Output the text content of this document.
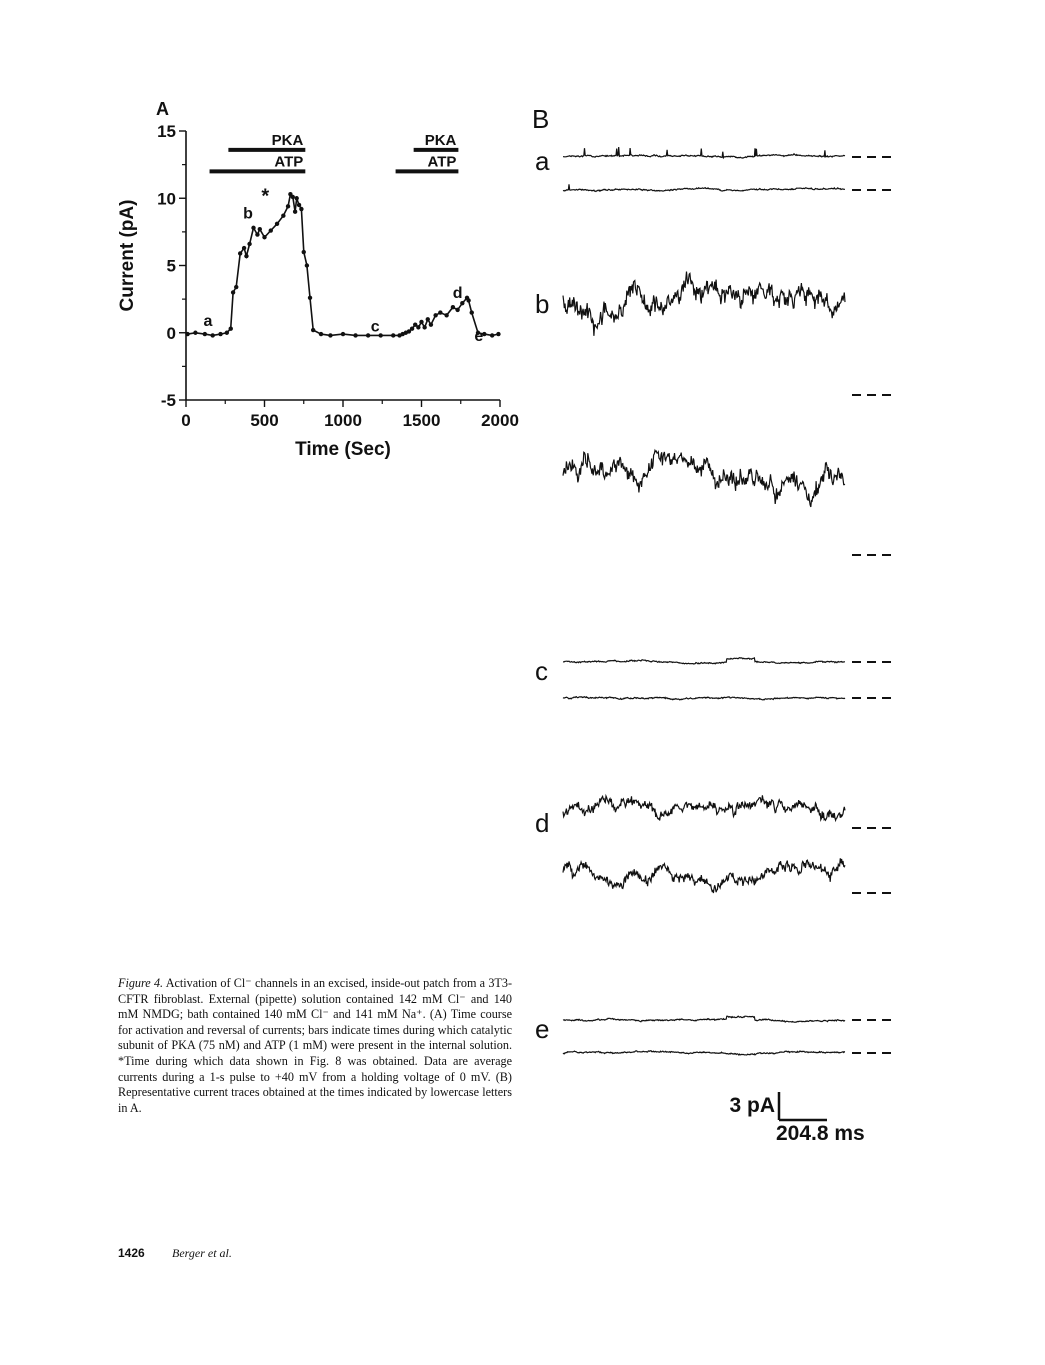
A
15
10
5
0
-5
0	500	1000 1500 2000
Time (Sec)
Current (pA)
PKA
ATP
PKA
ATP
a
b
*
c
d
e
B
a
b
c
d
e
3 pA
204.8 ms
Figure 4. Activation of Cl⁻ channels in an excised, inside-out patch from a 3T3-CFTR fibroblast. External (pipette) solution contained 142 mM Cl⁻ and 140 mM NMDG; bath contained 140 mM Cl⁻ and 141 mM Na⁺. (A) Time course for activation and reversal of currents; bars indicate times during which catalytic subunit of PKA (75 nM) and ATP (1 mM) were present in the internal solution. *Time during which data shown in Fig. 8 was obtained. Data are average currents during a 1-s pulse to +40 mV from a holding voltage of 0 mV. (B) Representative current traces obtained at the times indicated by lowercase letters in A.
1426 Berger et al.
